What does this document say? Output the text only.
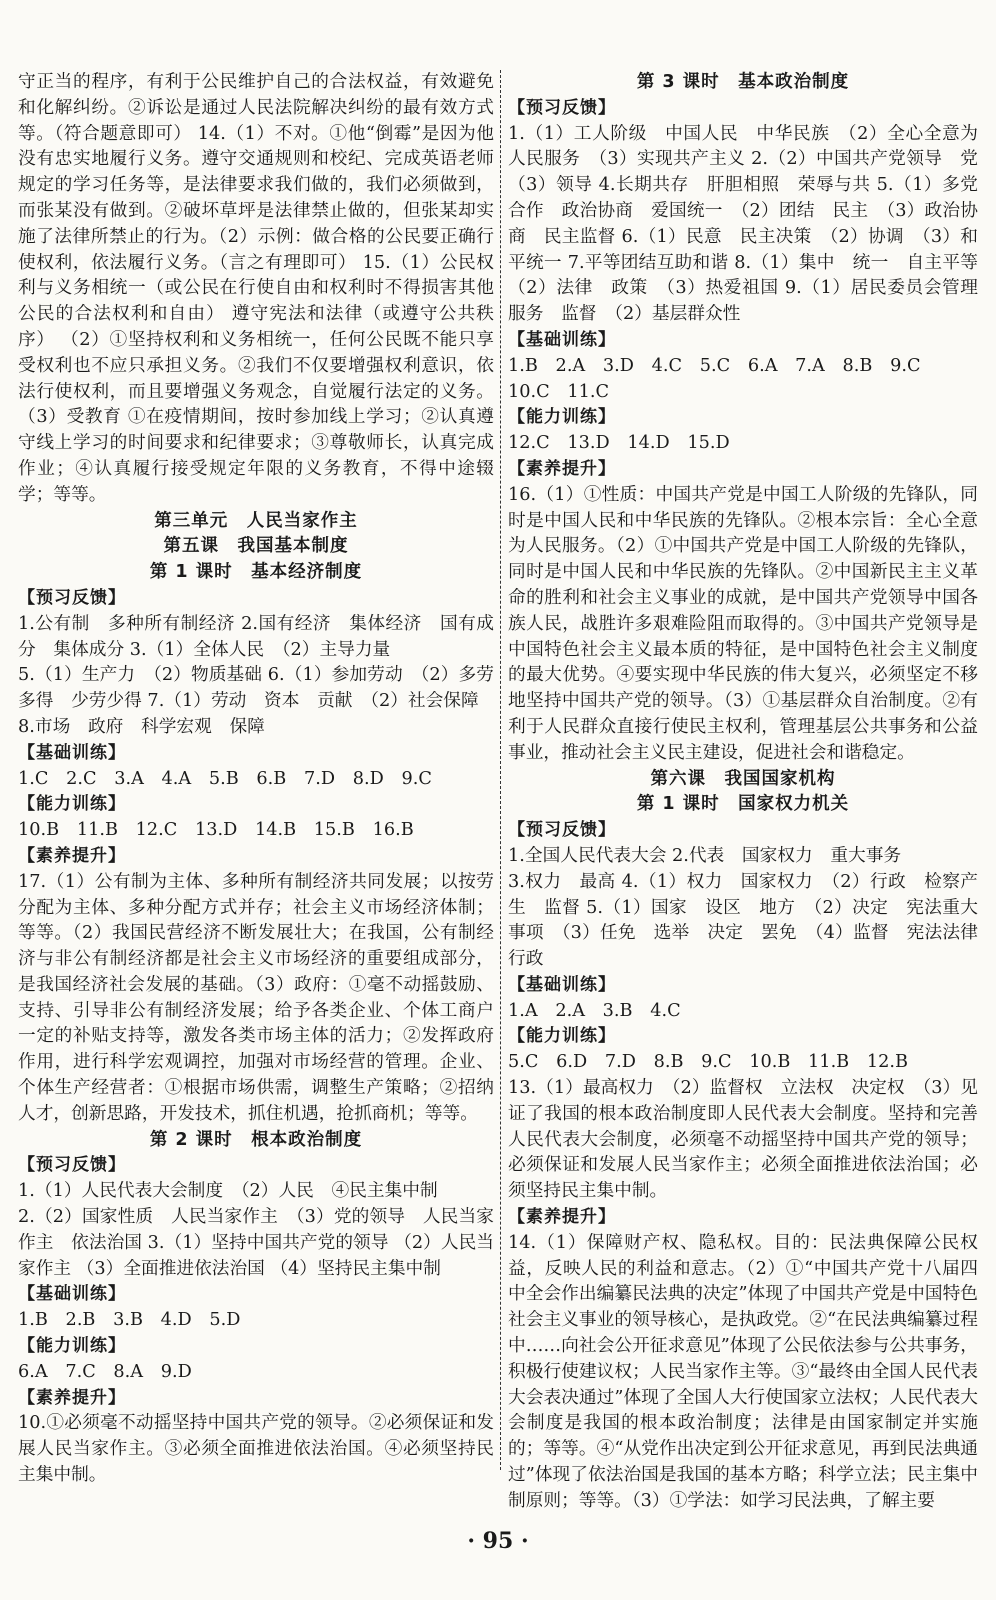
守正当的程序，有利于公民维护自己的合法权益，有效避免和化解纠纷。②诉讼是通过人民法院解决纠纷的最有效方式等。（符合题意即可） 14.（1）不对。①他“倒霉”是因为他没有忠实地履行义务。遵守交通规则和校纪、完成英语老师规定的学习任务等，是法律要求我们做的，我们必须做到，而张某没有做到。②破坏草坪是法律禁止做的，但张某却实施了法律所禁止的行为。（2）示例：做合格的公民要正确行使权利，依法履行义务。（言之有理即可） 15.（1）公民权利与义务相统一（或公民在行使自由和权利时不得损害其他公民的合法权利和自由） 遵守宪法和法律（或遵守公共秩序） （2）①坚持权利和义务相统一，任何公民既不能只享受权利也不应只承担义务。②我们不仅要增强权利意识，依法行使权利，而且要增强义务观念，自觉履行法定的义务。（3）受教育 ①在疫情期间，按时参加线上学习；②认真遵守线上学习的时间要求和纪律要求；③尊敬师长，认真完成作业；④认真履行接受规定年限的义务教育，不得中途辍学；等等。
第三单元　人民当家作主
第五课　我国基本制度
第 1 课时　基本经济制度
【预习反馈】
1.公有制　多种所有制经济 2.国有经济　集体经济　国有成分　集体成分 3.（1）全体人民　（2）主导力量
5.（1）生产力　（2）物质基础 6.（1）参加劳动　（2）多劳多得　少劳少得 7.（1）劳动　资本　贡献　（2）社会保障
8.市场　政府　科学宏观　保障
【基础训练】
1.C　2.C　3.A　4.A　5.B　6.B　7.D　8.D　9.C
【能力训练】
10.B　11.B　12.C　13.D　14.B　15.B　16.B
【素养提升】
17.（1）公有制为主体、多种所有制经济共同发展；以按劳分配为主体、多种分配方式并存；社会主义市场经济体制；等等。（2）我国民营经济不断发展壮大；在我国，公有制经济与非公有制经济都是社会主义市场经济的重要组成部分，是我国经济社会发展的基础。（3）政府：①毫不动摇鼓励、支持、引导非公有制经济发展；给予各类企业、个体工商户一定的补贴支持等，激发各类市场主体的活力；②发挥政府作用，进行科学宏观调控，加强对市场经营的管理。企业、个体生产经营者：①根据市场供需，调整生产策略；②招纳人才，创新思路，开发技术，抓住机遇，抢抓商机；等等。
第 2 课时　根本政治制度
【预习反馈】
1.（1）人民代表大会制度　（2）人民　④民主集中制
2.（2）国家性质　人民当家作主　（3）党的领导　人民当家作主　依法治国 3.（1）坚持中国共产党的领导 （2）人民当家作主 （3）全面推进依法治国 （4）坚持民主集中制
【基础训练】
1.B　2.B　3.B　4.D　5.D
【能力训练】
6.A　7.C　8.A　9.D
【素养提升】
10.①必须毫不动摇坚持中国共产党的领导。②必须保证和发展人民当家作主。③必须全面推进依法治国。④必须坚持民主集中制。
第 3 课时　基本政治制度
【预习反馈】
1.（1）工人阶级　中国人民　中华民族　（2）全心全意为人民服务　（3）实现共产主义 2.（2）中国共产党领导　党（3）领导 4.长期共存　肝胆相照　荣辱与共 5.（1）多党合作　政治协商　爱国统一　（2）团结　民主　（3）政治协商　民主监督 6.（1）民意　民主决策　（2）协调　（3）和平统一 7.平等团结互助和谐 8.（1）集中　统一　自主平等　（2）法律　政策　（3）热爱祖国 9.（1）居民委员会管理　服务　监督　（2）基层群众性
【基础训练】
1.B　2.A　3.D　4.C　5.C　6.A　7.A　8.B　9.C
10.C　11.C
【能力训练】
12.C　13.D　14.D　15.D
【素养提升】
16.（1）①性质：中国共产党是中国工人阶级的先锋队，同时是中国人民和中华民族的先锋队。②根本宗旨：全心全意为人民服务。（2）①中国共产党是中国工人阶级的先锋队，同时是中国人民和中华民族的先锋队。②中国新民主主义革命的胜利和社会主义事业的成就，是中国共产党领导中国各族人民，战胜许多艰难险阻而取得的。③中国共产党领导是中国特色社会主义最本质的特征，是中国特色社会主义制度的最大优势。④要实现中华民族的伟大复兴，必须坚定不移地坚持中国共产党的领导。（3）①基层群众自治制度。②有利于人民群众直接行使民主权利，管理基层公共事务和公益事业，推动社会主义民主建设，促进社会和谐稳定。
第六课　我国国家机构
第 1 课时　国家权力机关
【预习反馈】
1.全国人民代表大会 2.代表　国家权力　重大事务
3.权力　最高 4.（1）权力　国家权力　（2）行政　检察产生　监督 5.（1）国家　设区　地方　（2）决定　宪法重大事项　（3）任免　选举　决定　罢免　（4）监督　宪法法律　行政
【基础训练】
1.A　2.A　3.B　4.C
【能力训练】
5.C　6.D　7.D　8.B　9.C　10.B　11.B　12.B
13.（1）最高权力　（2）监督权　立法权　决定权　（3）见证了我国的根本政治制度即人民代表大会制度。坚持和完善人民代表大会制度，必须毫不动摇坚持中国共产党的领导；必须保证和发展人民当家作主；必须全面推进依法治国；必须坚持民主集中制。
【素养提升】
14.（1）保障财产权、隐私权。目的：民法典保障公民权益，反映人民的利益和意志。（2）①“中国共产党十八届四中全会作出编纂民法典的决定”体现了中国共产党是中国特色社会主义事业的领导核心，是执政党。②“在民法典编纂过程中……向社会公开征求意见”体现了公民依法参与公共事务，积极行使建议权；人民当家作主等。③“最终由全国人民代表大会表决通过”体现了全国人大行使国家立法权；人民代表大会制度是我国的根本政治制度；法律是由国家制定并实施的；等等。④“从党作出决定到公开征求意见，再到民法典通过”体现了依法治国是我国的基本方略；科学立法；民主集中制原则；等等。（3）①学法：如学习民法典，了解主要
· 95 ·
